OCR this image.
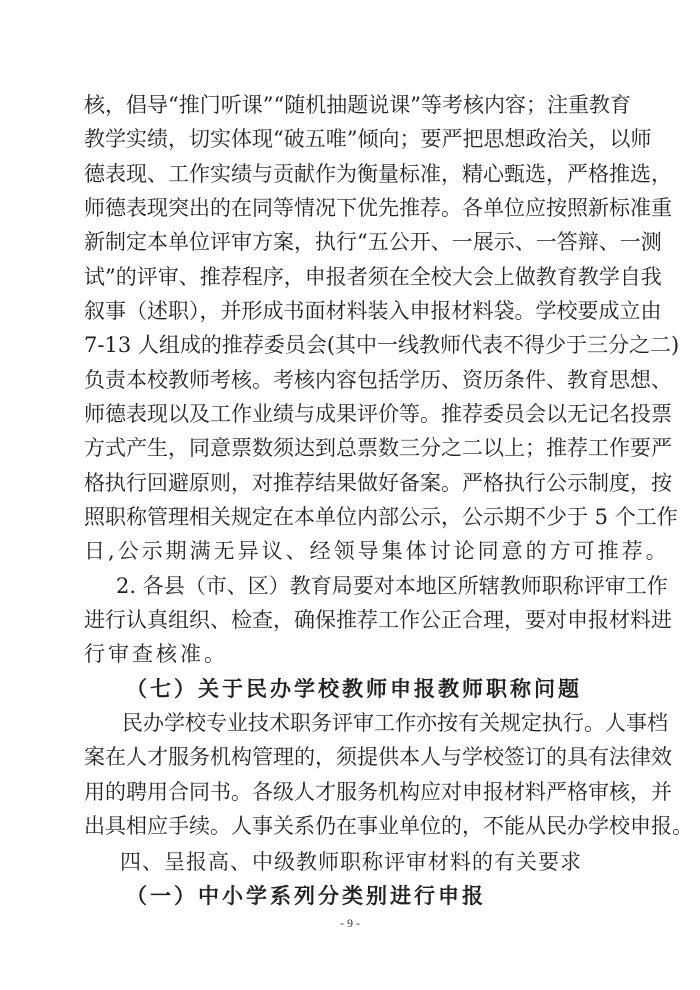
核，倡导“推门听课”“随机抽题说课”等考核内容；注重教育
教学实绩，切实体现“破五唯”倾向；要严把思想政治关，以师
德表现、工作实绩与贡献作为衡量标准，精心甄选，严格推选，
师德表现突出的在同等情况下优先推荐。各单位应按照新标准重
新制定本单位评审方案，执行“五公开、一展示、一答辩、一测
试”的评审、推荐程序，申报者须在全校大会上做教育教学自我
叙事（述职），并形成书面材料装入申报材料袋。学校要成立由
7-13 人组成的推荐委员会(其中一线教师代表不得少于三分之二)
负责本校教师考核。考核内容包括学历、资历条件、教育思想、
师德表现以及工作业绩与成果评价等。推荐委员会以无记名投票
方式产生，同意票数须达到总票数三分之二以上；推荐工作要严
格执行回避原则，对推荐结果做好备案。严格执行公示制度，按
照职称管理相关规定在本单位内部公示，公示期不少于 5 个工作
日,公示期满无异议、经领导集体讨论同意的方可推荐。
2. 各县（市、区）教育局要对本地区所辖教师职称评审工作
进行认真组织、检查，确保推荐工作公正合理，要对申报材料进
行审查核准。
（七）关于民办学校教师申报教师职称问题
民办学校专业技术职务评审工作亦按有关规定执行。人事档
案在人才服务机构管理的，须提供本人与学校签订的具有法律效
用的聘用合同书。各级人才服务机构应对申报材料严格审核，并
出具相应手续。人事关系仍在事业单位的，不能从民办学校申报。
四、呈报高、中级教师职称评审材料的有关要求
（一）中小学系列分类别进行申报
- 9 -
